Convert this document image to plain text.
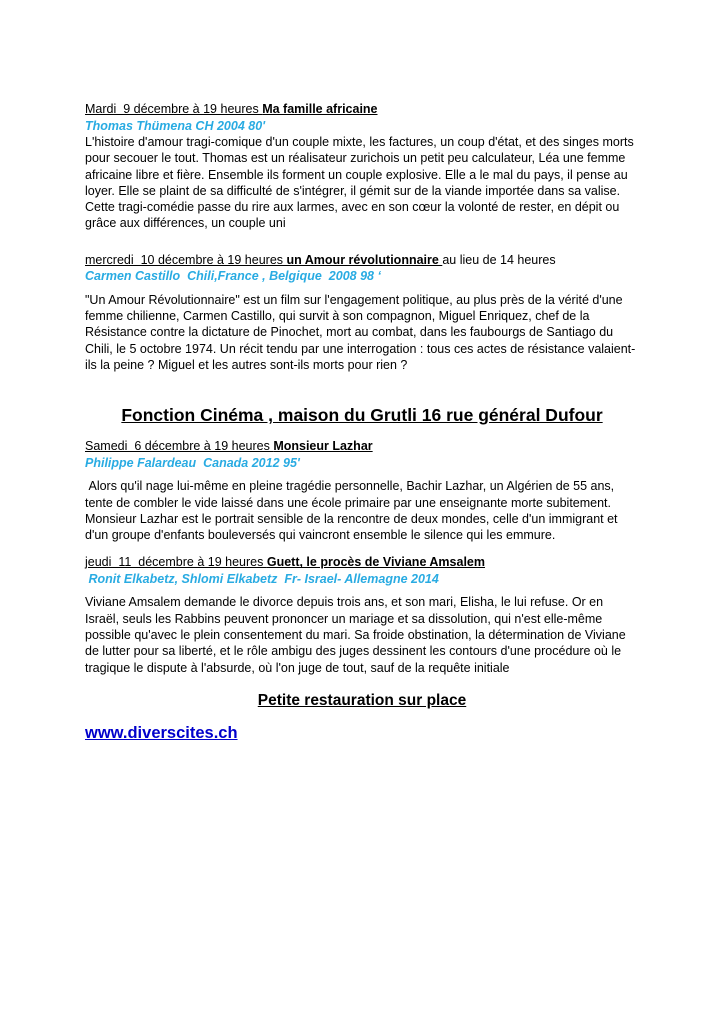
Mardi  9 décembre à 19 heures Ma famille africaine
Thomas Thümena CH 2004 80'

L'histoire d'amour tragi-comique d'un couple mixte, les factures, un coup d'état, et des singes morts pour secouer le tout. Thomas est un réalisateur zurichois un petit peu calculateur, Léa une femme africaine libre et fière. Ensemble ils forment un couple explosive. Elle a le mal du pays, il pense au loyer. Elle se plaint de sa difficulté de s'intégrer, il gémit sur de la viande importée dans sa valise. Cette tragi-comédie passe du rire aux larmes, avec en son cœur la volonté de rester, en dépit ou grâce aux différences, un couple uni

mercredi  10 décembre à 19 heures un Amour révolutionnaire au lieu de 14 heures
Carmen Castillo  Chili,France , Belgique  2008 98 ‘

"Un Amour Révolutionnaire" est un film sur l'engagement politique, au plus près de la vérité d'une femme chilienne, Carmen Castillo, qui survit à son compagnon, Miguel Enriquez, chef de la Résistance contre la dictature de Pinochet, mort au combat, dans les faubourgs de Santiago du Chili, le 5 octobre 1974. Un récit tendu par une interrogation : tous ces actes de résistance valaient-ils la peine ? Miguel et les autres sont-ils morts pour rien ?

Fonction Cinéma , maison du Grutli 16 rue général Dufour
Samedi  6 décembre à 19 heures Monsieur Lazhar
Philippe Falardeau  Canada 2012 95'

Alors qu'il nage lui-même en pleine tragédie personnelle, Bachir Lazhar, un Algérien de 55 ans, tente de combler le vide laissé dans une école primaire par une enseignante morte subitement. Monsieur Lazhar est le portrait sensible de la rencontre de deux mondes, celle d'un immigrant et d'un groupe d'enfants bouleversés qui vaincront ensemble le silence qui les emmure.

jeudi  11  décembre à 19 heures Guett, le procès de Viviane Amsalem
Ronit Elkabetz, Shlomi Elkabetz  Fr- Israel- Allemagne 2014

Viviane Amsalem demande le divorce depuis trois ans, et son mari, Elisha, le lui refuse. Or en Israël, seuls les Rabbins peuvent prononcer un mariage et sa dissolution, qui n'est elle-même possible qu'avec le plein consentement du mari. Sa froide obstination, la détermination de Viviane de lutter pour sa liberté, et le rôle ambigu des juges dessinent les contours d'une procédure où le tragique le dispute à l'absurde, où l'on juge de tout, sauf de la requête initiale

Petite restauration sur place
www.diverscites.ch
